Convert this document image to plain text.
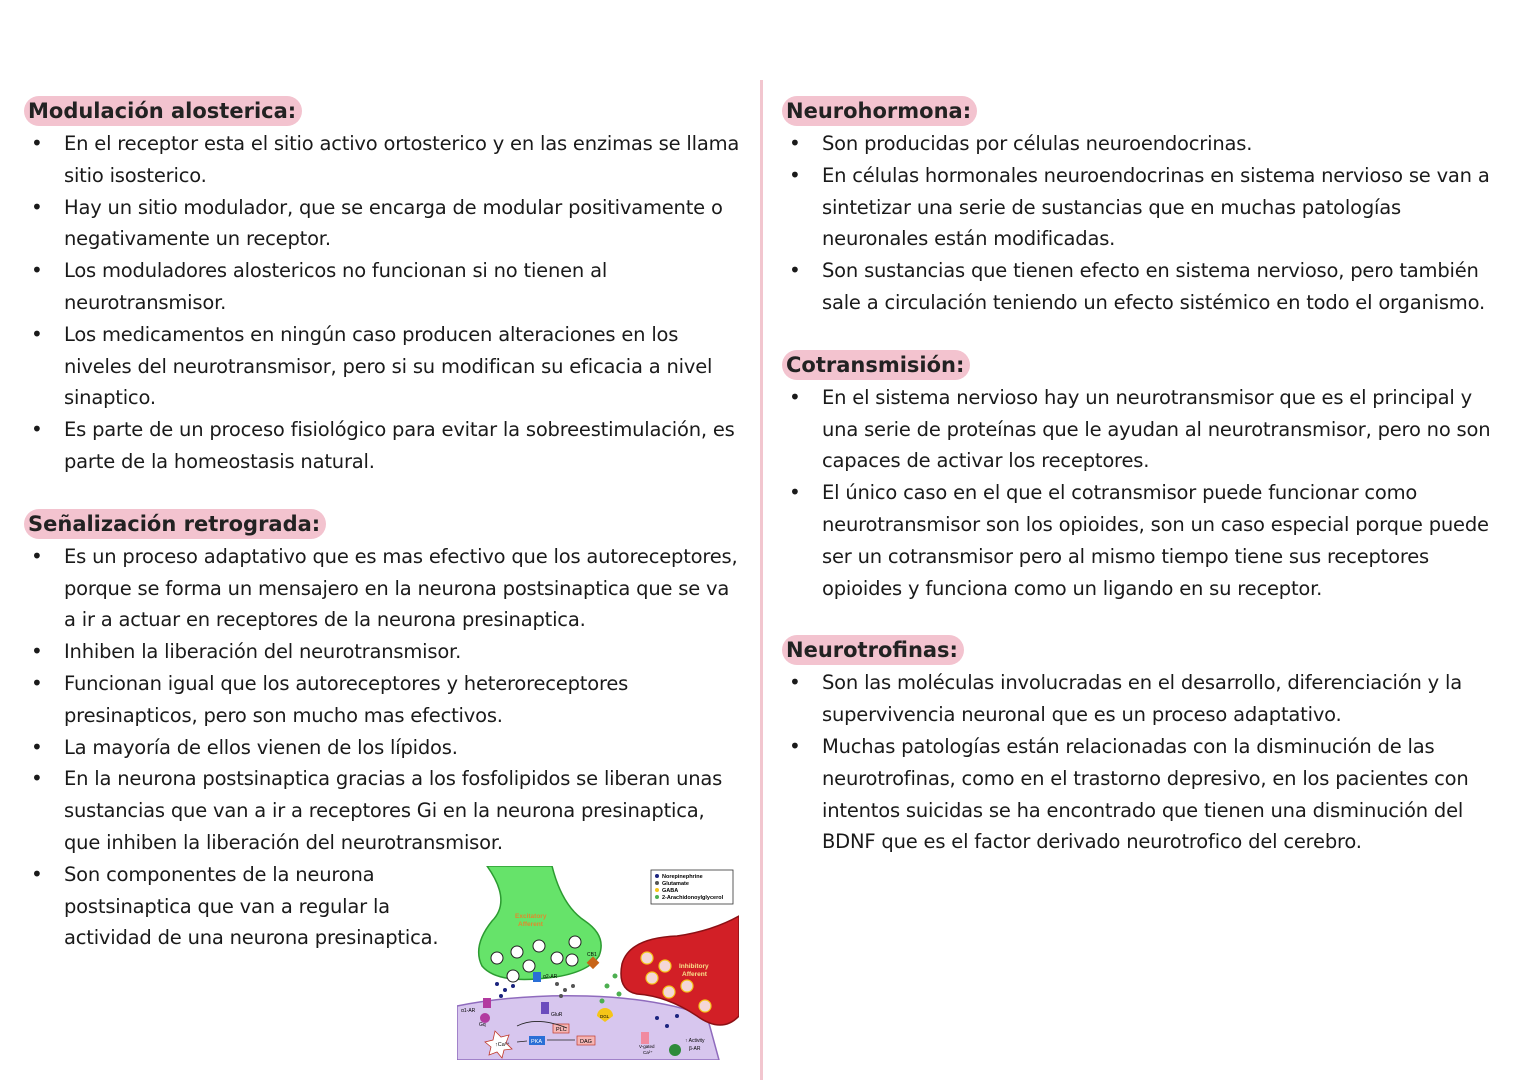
Modulación alosterica:
• En el receptor esta el sitio activo ortosterico y en las enzimas se llama sitio isosterico.
• Hay un sitio modulador, que se encarga de modular positivamente o negativamente un receptor.
• Los moduladores alostericos no funcionan si no tienen al neurotransmisor.
• Los medicamentos en ningún caso producen alteraciones en los niveles del neurotransmisor, pero si su modifican su eficacia a nivel sinaptico.
• Es parte de un proceso fisiológico para evitar la sobreestimulación, es parte de la homeostasis natural.
Señalización retrograda:
• Es un proceso adaptativo que es mas efectivo que los autoreceptores, porque se forma un mensajero en la neurona postsinaptica que se va a ir a actuar en receptores de la neurona presinaptica.
• Inhiben la liberación del neurotransmisor.
• Funcionan igual que los autoreceptores y heteroreceptores presinapticos, pero son mucho mas efectivos.
• La mayoría de ellos vienen de los lípidos.
• En la neurona postsinaptica gracias a los fosfolipidos se liberan unas sustancias que van a ir a receptores Gi en la neurona presinaptica, que inhiben la liberación del neurotransmisor.
• Son componentes de la neurona postsinaptica que van a regular la actividad de una neurona presinaptica.
Neurohormona:
• Son producidas por células neuroendocrinas.
• En células hormonales neuroendocrinas en sistema nervioso se van a sintetizar una serie de sustancias que en muchas patologías neuronales están modificadas.
• Son sustancias que tienen efecto en sistema nervioso, pero también sale a circulación teniendo un efecto sistémico en todo el organismo.
Cotransmisión:
• En el sistema nervioso hay un neurotransmisor que es el principal y una serie de proteínas que le ayudan al neurotransmisor, pero no son capaces de activar los receptores.
• El único caso en el que el cotransmisor puede funcionar como neurotransmisor son los opioides, son un caso especial porque puede ser un cotransmisor pero al mismo tiempo tiene sus receptores opioides y funciona como un ligando en su receptor.
Neurotrofinas:
• Son las moléculas involucradas en el desarrollo, diferenciación y la supervivencia neuronal que es un proceso adaptativo.
• Muchas patologías están relacionadas con la disminución de las neurotrofinas, como en el trastorno depresivo, en los pacientes con intentos suicidas se ha encontrado que tienen una disminución del BDNF que es el factor derivado neurotrofico del cerebro.
Norepinephrine
Glutamate
GABA
2-Arachidonoylglycerol
Excitatory
Afferent
Inhibitory
Afferent
α2-AR
CB1
α1-AR
Gq
GluR
PLC
PKA	DAG
DGL
↑Ca²⁺	V-gated
Ca²⁺
↑ Activity
β-AR
